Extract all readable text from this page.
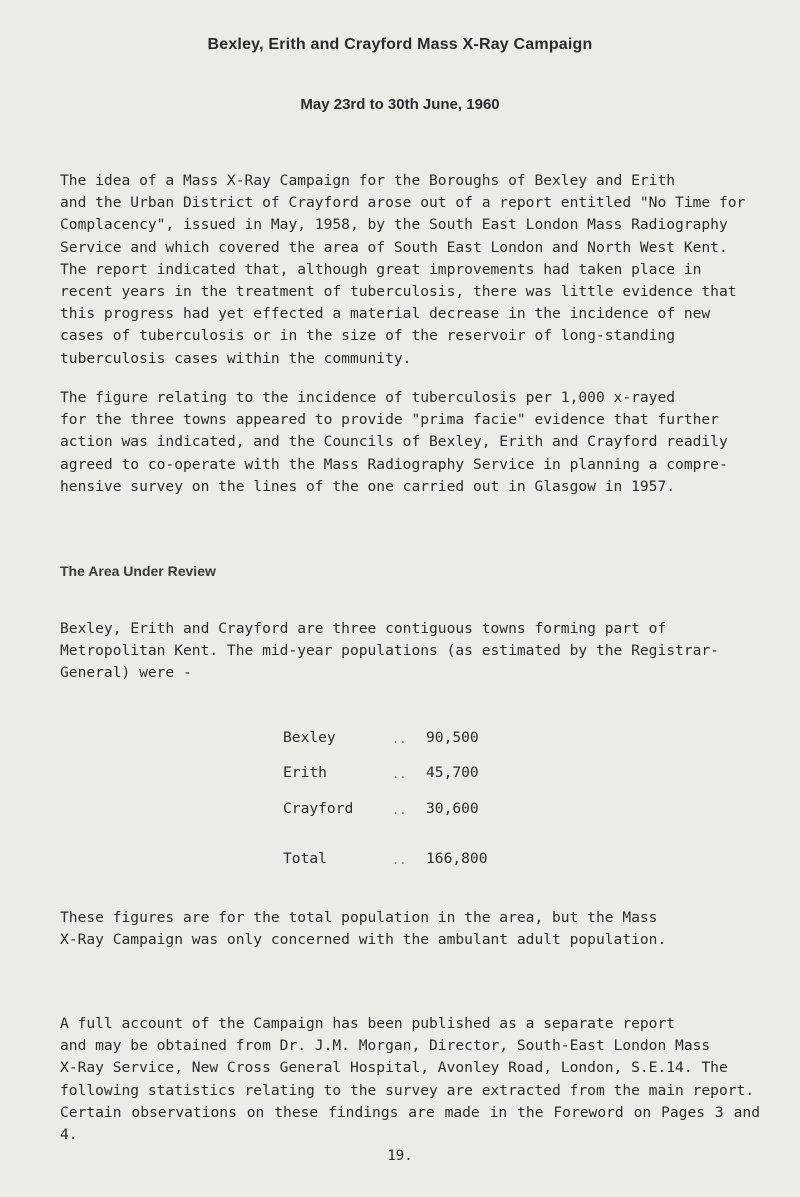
Bexley, Erith and Crayford Mass X-Ray Campaign
May 23rd to 30th June, 1960

The idea of a Mass X-Ray Campaign for the Boroughs of Bexley and Erith
and the Urban District of Crayford arose out of a report entitled "No Time for
Complacency", issued in May, 1958, by the South East London Mass Radiography
Service and which covered the area of South East London and North West Kent.
The report indicated that, although great improvements had taken place in
recent years in the treatment of tuberculosis, there was little evidence that
this progress had yet effected a material decrease in the incidence of new
cases of tuberculosis or in the size of the reservoir of long-standing
tuberculosis cases within the community.

The figure relating to the incidence of tuberculosis per 1,000 x-rayed
for the three towns appeared to provide "prima facie" evidence that further
action was indicated, and the Councils of Bexley, Erith and Crayford readily
agreed to co-operate with the Mass Radiography Service in planning a compre-
hensive survey on the lines of the one carried out in Glasgow in 1957.

The Area Under Review

Bexley, Erith and Crayford are three contiguous towns forming part of
Metropolitan Kent. The mid-year populations (as estimated by the Registrar-
General) were -

Bexley	.. 90,500
Erith	.. 45,700
Crayford	.. 30,600
Total	.. 166,800

These figures are for the total population in the area, but the Mass
X-Ray Campaign was only concerned with the ambulant adult population.

A full account of the Campaign has been published as a separate report
and may be obtained from Dr. J.M. Morgan, Director, South-East London Mass
X-Ray Service, New Cross General Hospital, Avonley Road, London, S.E.14. The
following statistics relating to the survey are extracted from the main report.
Certain observations on these findings are made in the Foreword on Pages 3 and 4.

19.
